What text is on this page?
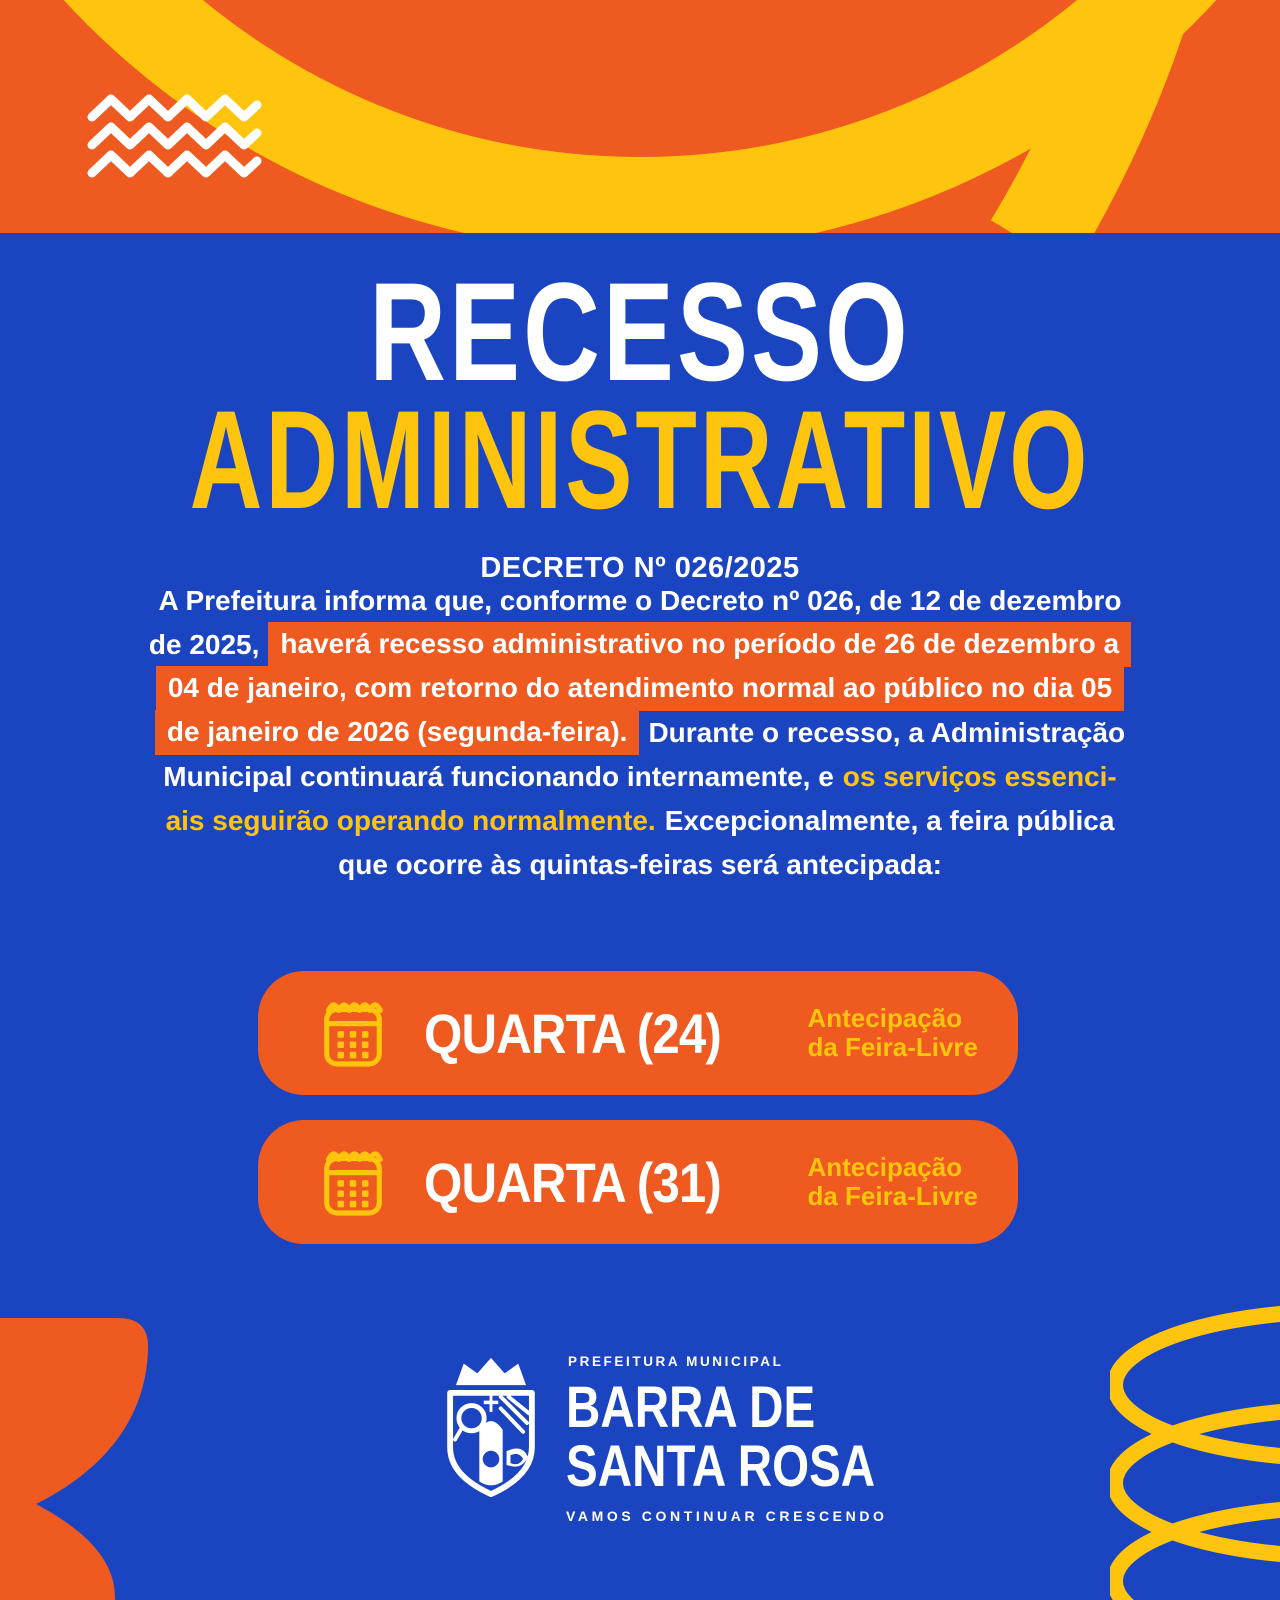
RECESSO
ADMINISTRATIVO
DECRETO Nº 026/2025
A Prefeitura informa que, conforme o Decreto nº 026, de 12 de dezembro
de 2025, haverá recesso administrativo no período de 26 de dezembro a
04 de janeiro, com retorno do atendimento normal ao público no dia 05
de janeiro de 2026 (segunda-feira). Durante o recesso, a Administração
Municipal continuará funcionando internamente, e os serviços essenci-
ais seguirão operando normalmente. Excepcionalmente, a feira pública
que ocorre às quintas-feiras será antecipada:
QUARTA (24)	Antecipação
da Feira-Livre
QUARTA (31)	Antecipação
da Feira-Livre
PREFEITURA MUNICIPAL
BARRA DE
SANTA ROSA
VAMOS CONTINUAR CRESCENDO
